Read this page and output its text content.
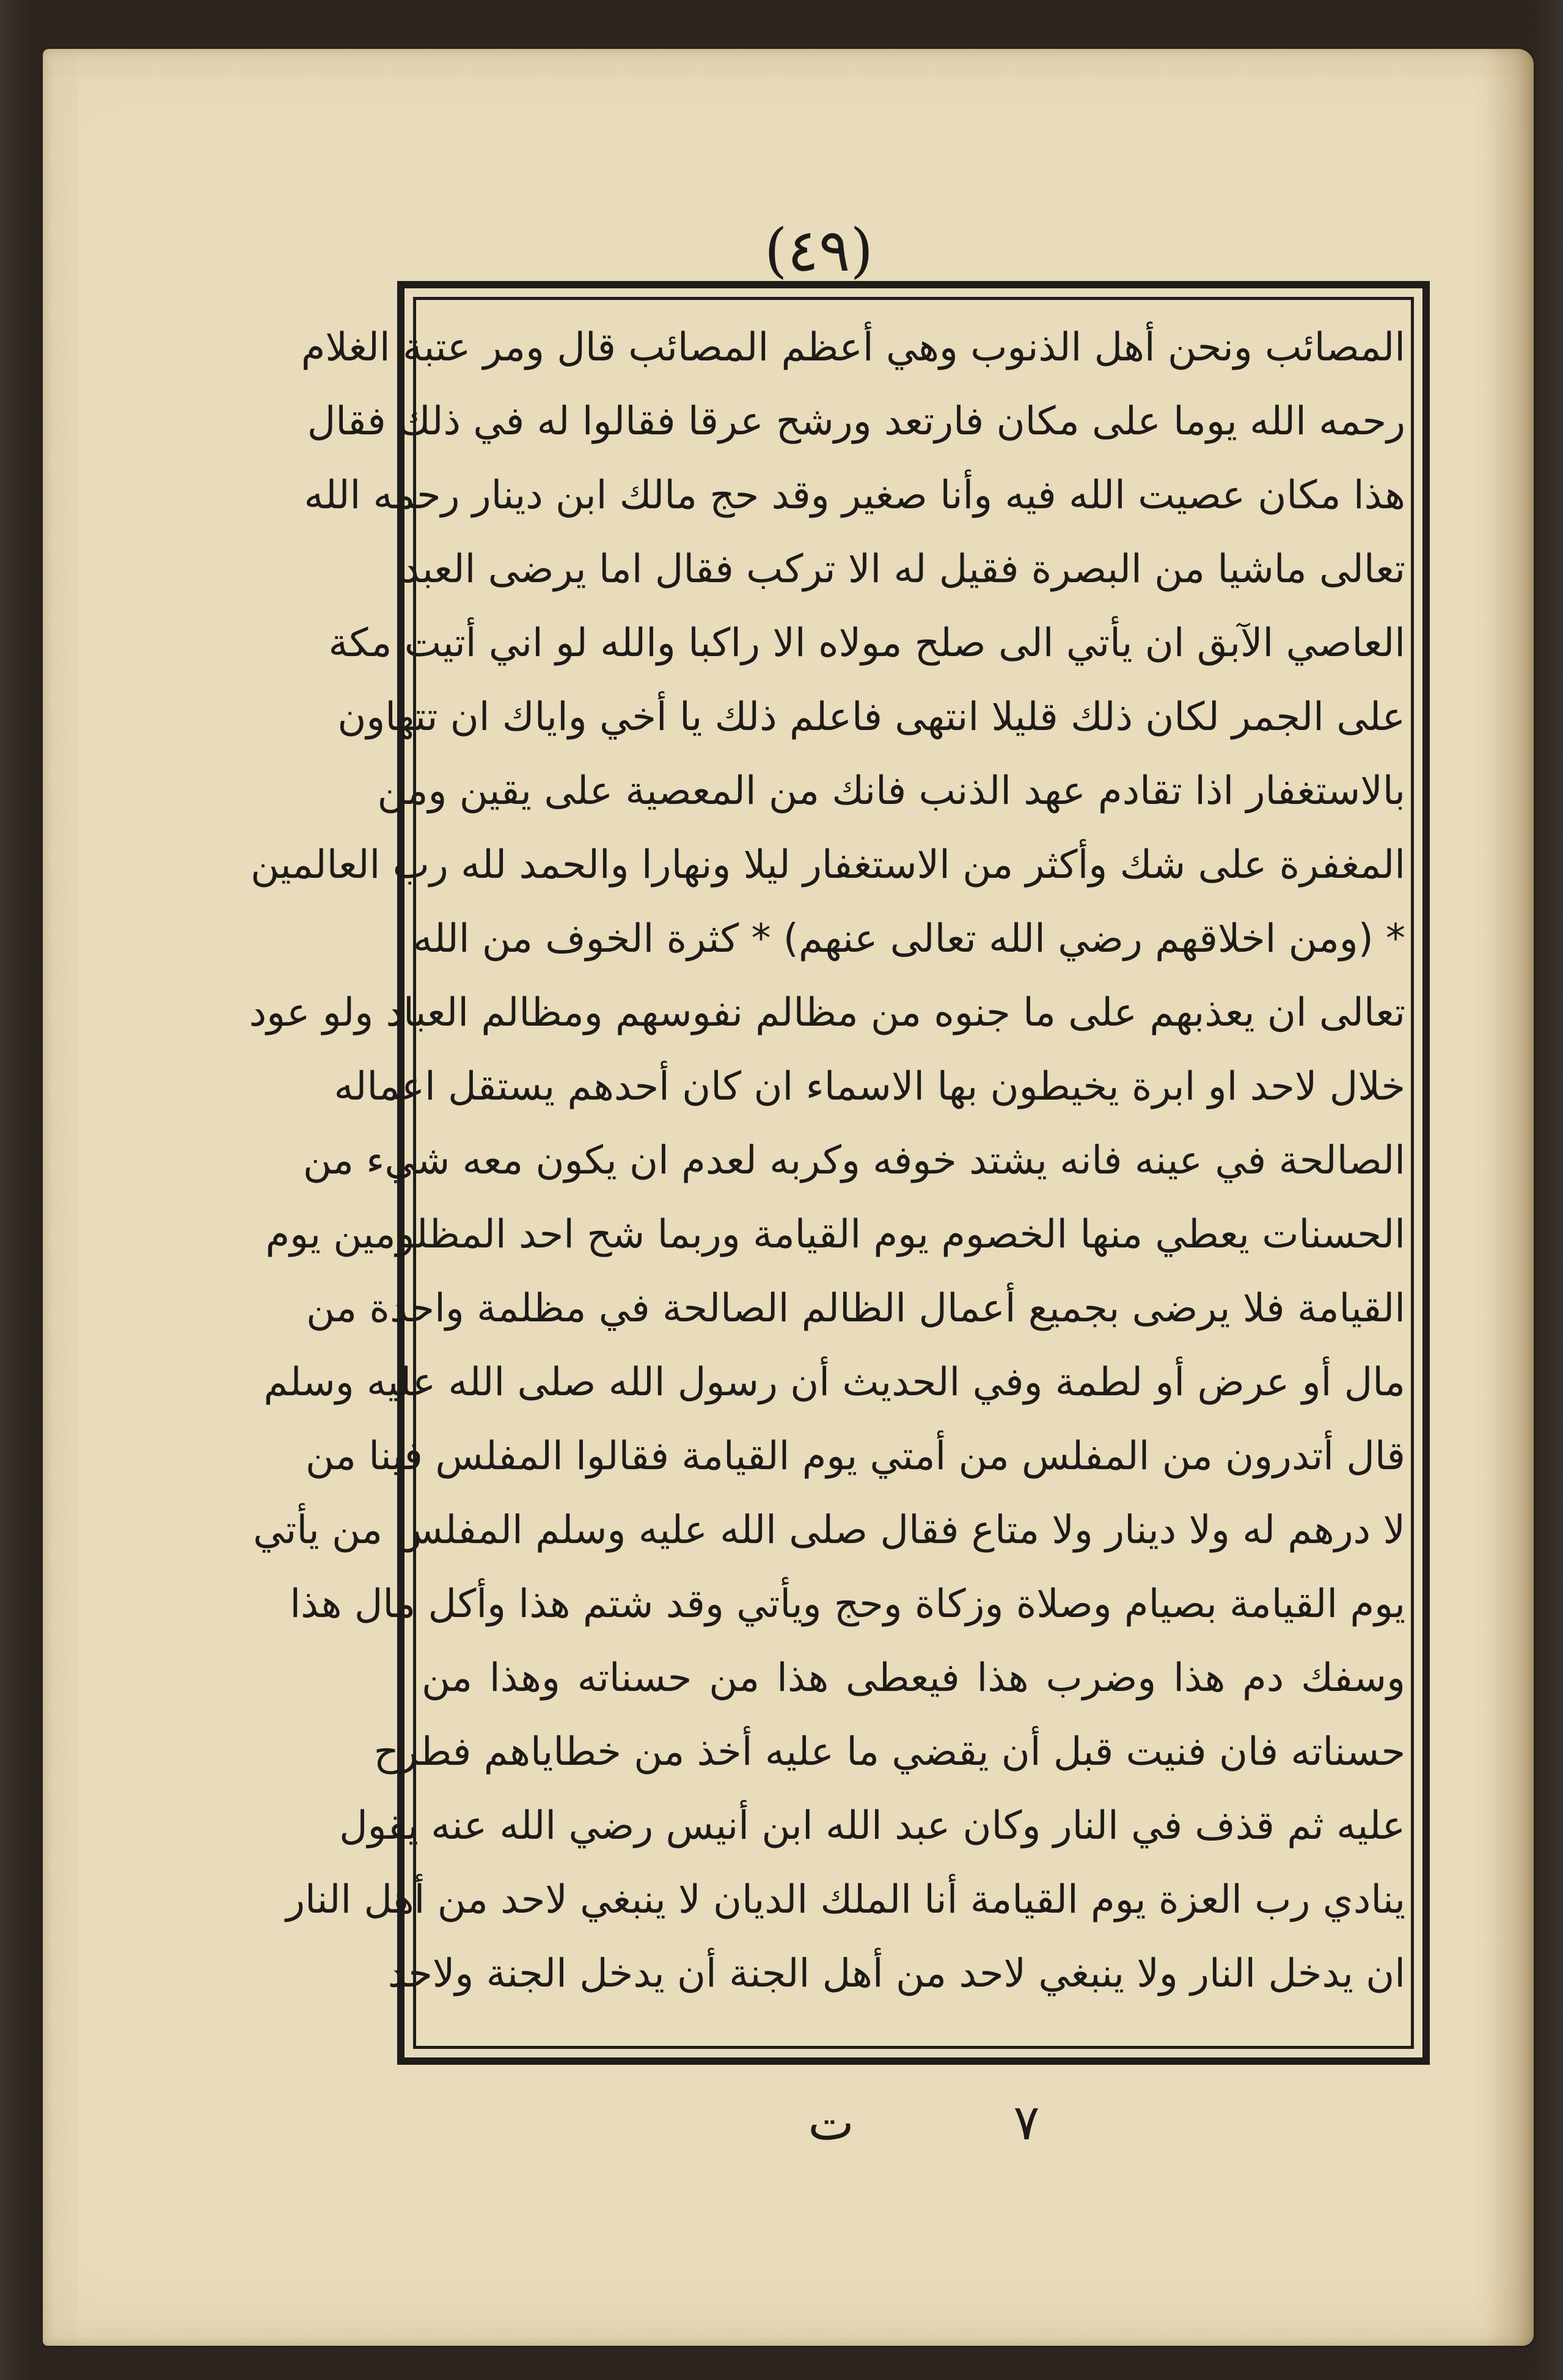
(٤٩)
المصائب ونحن أهل الذنوب وهي أعظم المصائب قال ومر عتبة الغلام
رحمه الله يوما على مكان فارتعد ورشح عرقا فقالوا له في ذلك فقال
هذا مكان عصيت الله فيه وأنا صغير وقد حج مالك ابن دينار رحمه الله
تعالى ماشيا من البصرة فقيل له الا تركب فقال اما يرضى العبد
العاصي الآبق ان يأتي الى صلح مولاه الا راكبا والله لو اني أتيت مكة
على الجمر لكان ذلك قليلا انتهى فاعلم ذلك يا أخي واياك ان تتهاون
بالاستغفار اذا تقادم عهد الذنب فانك من المعصية على يقين ومن
المغفرة على شك وأكثر من الاستغفار ليلا ونهارا والحمد لله رب العالمين
* (ومن اخلاقهم رضي الله تعالى عنهم) * كثرة الخوف من الله
تعالى ان يعذبهم على ما جنوه من مظالم نفوسهم ومظالم العباد ولو عود
خلال لاحد او ابرة يخيطون بها الاسماء ان كان أحدهم يستقل اعماله
الصالحة في عينه فانه يشتد خوفه وكربه لعدم ان يكون معه شيء من
الحسنات يعطي منها الخصوم يوم القيامة وربما شح احد المظلومين يوم
القيامة فلا يرضى بجميع أعمال الظالم الصالحة في مظلمة واحدة من
مال أو عرض أو لطمة وفي الحديث أن رسول الله صلى الله عليه وسلم
قال أتدرون من المفلس من أمتي يوم القيامة فقالوا المفلس فينا من
لا درهم له ولا دينار ولا متاع فقال صلى الله عليه وسلم المفلس من يأتي
يوم القيامة بصيام وصلاة وزكاة وحج ويأتي وقد شتم هذا وأكل مال هذا
وسفك دم هذا وضرب هذا فيعطى هذا من حسناته وهذا من
حسناته فان فنيت قبل أن يقضي ما عليه أخذ من خطاياهم فطرح
عليه ثم قذف في النار وكان عبد الله ابن أنيس رضي الله عنه يقول
ينادي رب العزة يوم القيامة أنا الملك الديان لا ينبغي لاحد من أهل النار
ان يدخل النار ولا ينبغي لاحد من أهل الجنة أن يدخل الجنة ولاحد
ت	٧
